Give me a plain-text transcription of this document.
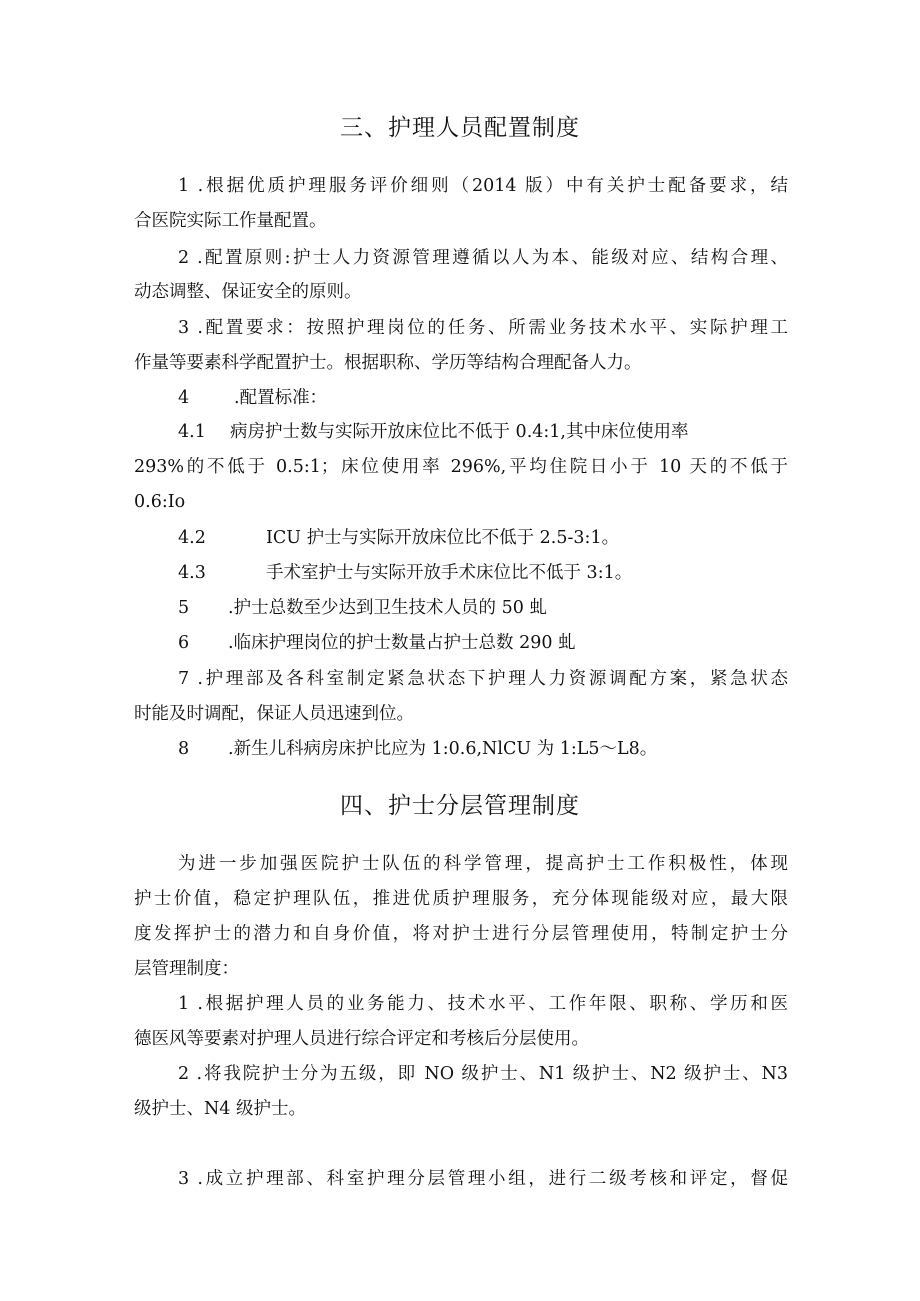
三、护理人员配置制度
1 .根据优质护理服务评价细则（2014 版）中有关护士配备要求，结
合医院实际工作量配置。
2 .配置原则:护士人力资源管理遵循以人为本、能级对应、结构合理、
动态调整、保证安全的原则。
3 .配置要求：按照护理岗位的任务、所需业务技术水平、实际护理工
作量等要素科学配置护士。根据职称、学历等结构合理配备人力。
4	.配置标准：
4.1 病房护士数与实际开放床位比不低于 0.4:1,其中床位使用率
293%的不低于 0.5:1；床位使用率 296%,平均住院日小于 10 天的不低于
0.6:Io
4.2	ICU 护士与实际开放床位比不低于 2.5-3:1。
4.3	手术室护士与实际开放手术床位比不低于 3:1。
5 .护士总数至少达到卫生技术人员的 50 虬
6 .临床护理岗位的护士数量占护士总数 290 虬
7 .护理部及各科室制定紧急状态下护理人力资源调配方案，紧急状态
时能及时调配，保证人员迅速到位。
8 .新生儿科病房床护比应为 1:0.6,NlCU 为 1:L5～L8。
四、护士分层管理制度
为进一步加强医院护士队伍的科学管理，提高护士工作积极性，体现
护士价值，稳定护理队伍，推进优质护理服务，充分体现能级对应，最大限
度发挥护士的潜力和自身价值，将对护士进行分层管理使用，特制定护士分
层管理制度：
1 .根据护理人员的业务能力、技术水平、工作年限、职称、学历和医
德医风等要素对护理人员进行综合评定和考核后分层使用。
2 .将我院护士分为五级，即 NO 级护士、N1 级护士、N2 级护士、N3
级护士、N4 级护士。
3 .成立护理部、科室护理分层管理小组，进行二级考核和评定，督促
